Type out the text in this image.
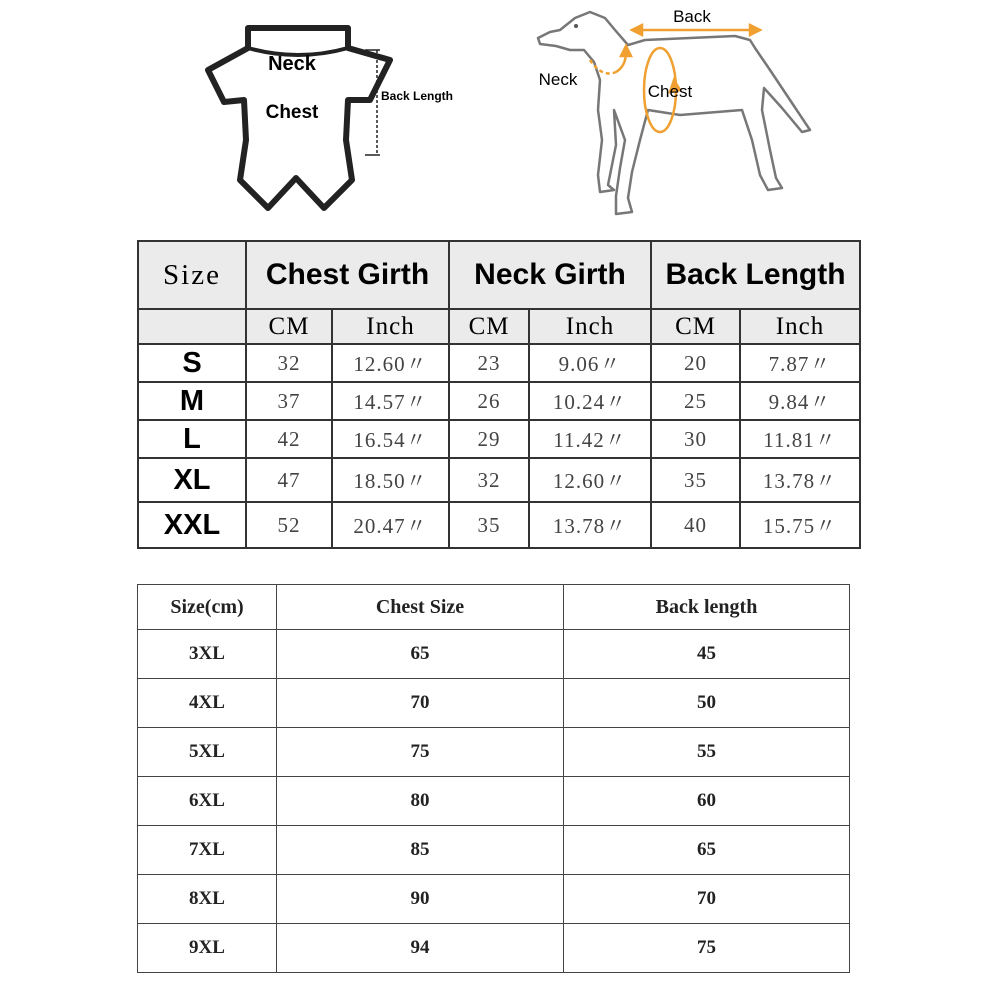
Neck
Chest
Back Length
Back
Neck
Chest
Size	Chest Girth		Neck Girth		Back Length	
	CM	Inch	CM	Inch	CM	Inch
S	32	12.60〃	23	9.06〃	20	7.87〃
M	37	14.57〃	26	10.24〃	25	9.84〃
L	42	16.54〃	29	11.42〃	30	11.81〃
XL	47	18.50〃	32	12.60〃	35	13.78〃
XXL	52	20.47〃	35	13.78〃	40	15.75〃
Size(cm)	Chest Size	Back length
3XL	65	45
4XL	70	50
5XL	75	55
6XL	80	60
7XL	85	65
8XL	90	70
9XL	94	75
